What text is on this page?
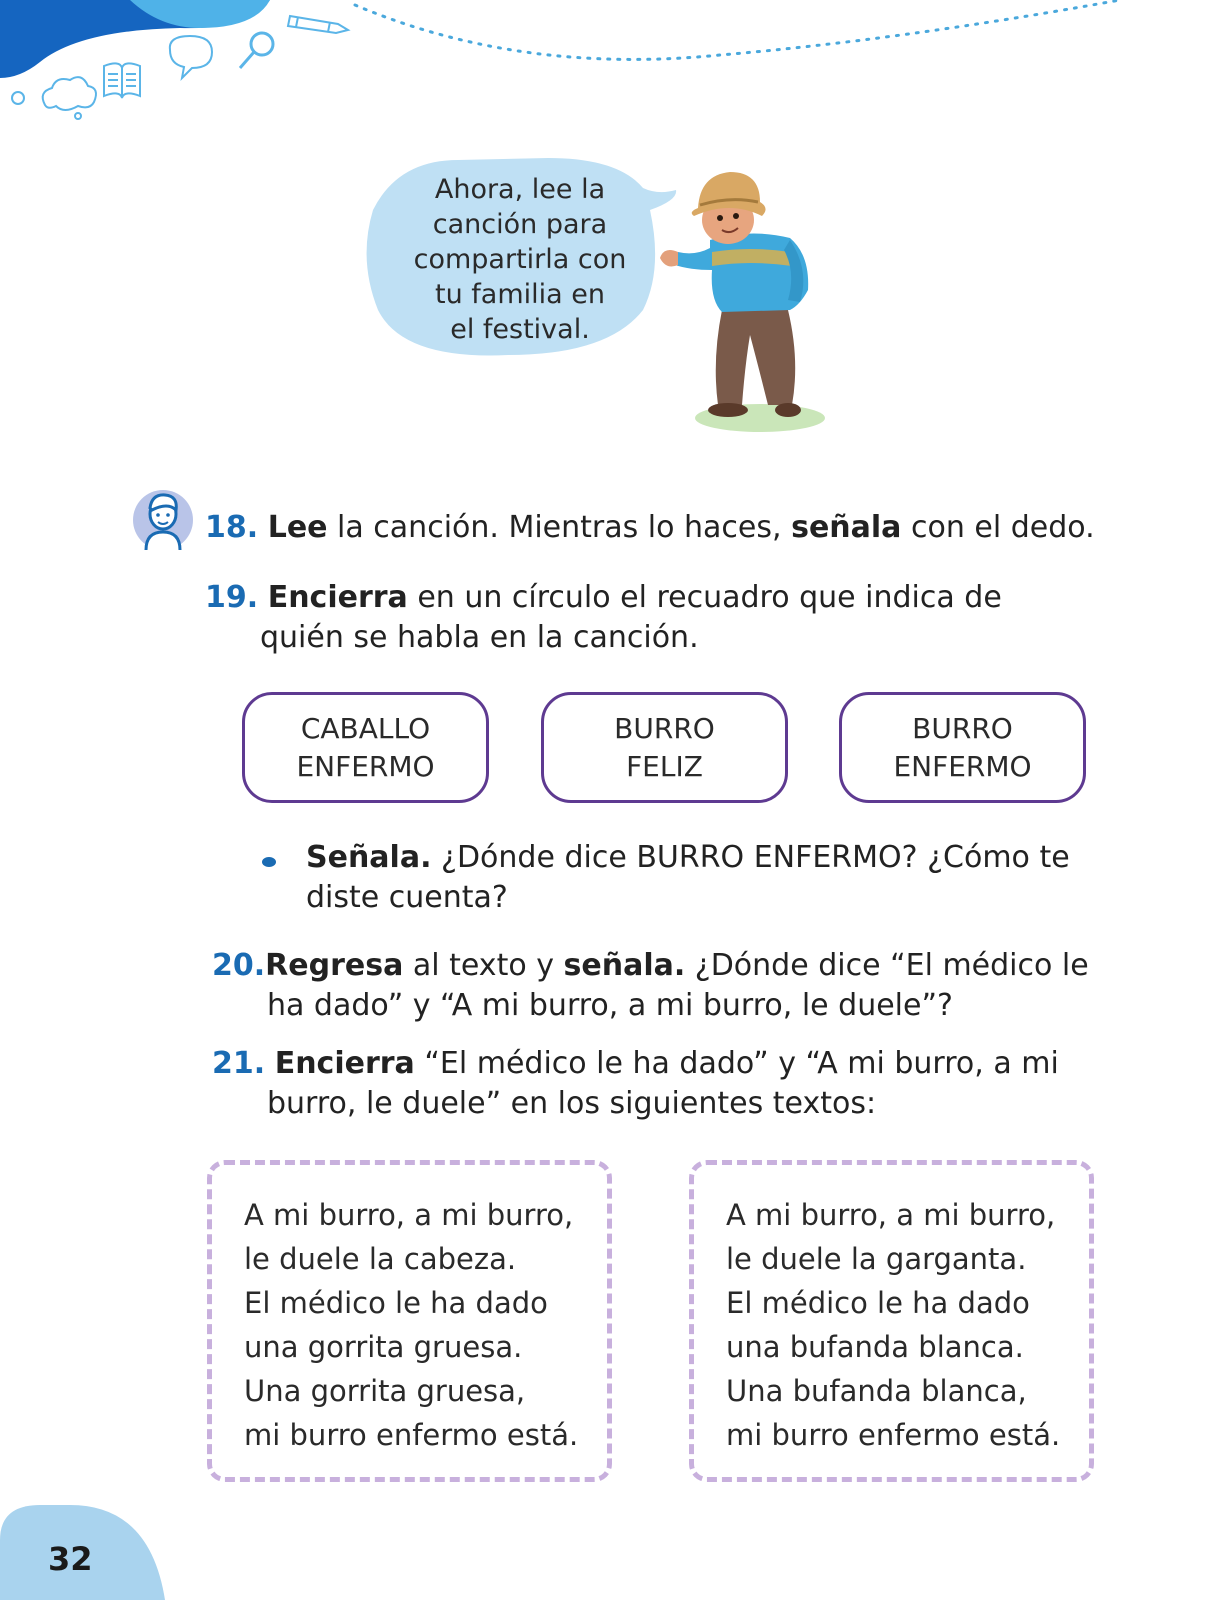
Ahora, lee la
canción para
compartirla con
tu familia en
el festival.
18. Lee la canción. Mientras lo haces, señala con el dedo.
19. Encierra en un círculo el recuadro que indica de
quién se habla en la canción.
CABALLO
ENFERMO
BURRO
FELIZ
BURRO
ENFERMO
Señala. ¿Dónde dice BURRO ENFERMO? ¿Cómo te
diste cuenta?
20.Regresa al texto y señala. ¿Dónde dice “El médico le
ha dado” y “A mi burro, a mi burro, le duele”?
21. Encierra “El médico le ha dado” y “A mi burro, a mi
burro, le duele” en los siguientes textos:
A mi burro, a mi burro,
le duele la cabeza.
El médico le ha dado
una gorrita gruesa.
Una gorrita gruesa,
mi burro enfermo está.
A mi burro, a mi burro,
le duele la garganta.
El médico le ha dado
una bufanda blanca.
Una bufanda blanca,
mi burro enfermo está.
32
